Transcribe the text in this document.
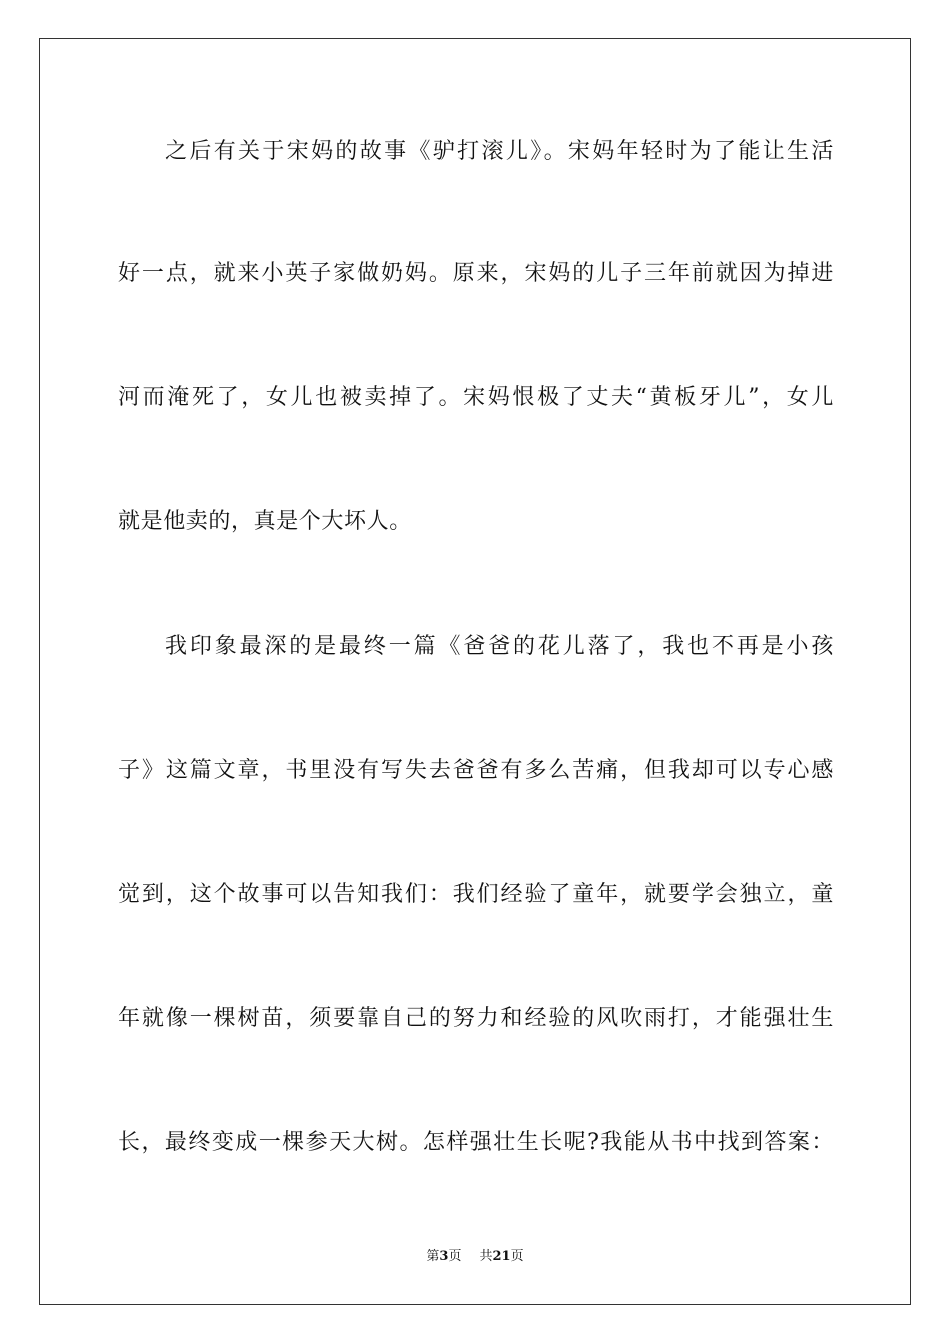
之后有关于宋妈的故事《驴打滚儿》。宋妈年轻时为了能让生活
好一点，就来小英子家做奶妈。原来，宋妈的儿子三年前就因为掉进
河而淹死了，女儿也被卖掉了。宋妈恨极了丈夫“黄板牙儿”，女儿
就是他卖的，真是个大坏人。
我印象最深的是最终一篇《爸爸的花儿落了，我也不再是小孩
子》这篇文章，书里没有写失去爸爸有多么苦痛，但我却可以专心感
觉到，这个故事可以告知我们：我们经验了童年，就要学会独立，童
年就像一棵树苗，须要靠自己的努力和经验的风吹雨打，才能强壮生
长，最终变成一棵参天大树。怎样强壮生长呢?我能从书中找到答案：
第3页 共21页
